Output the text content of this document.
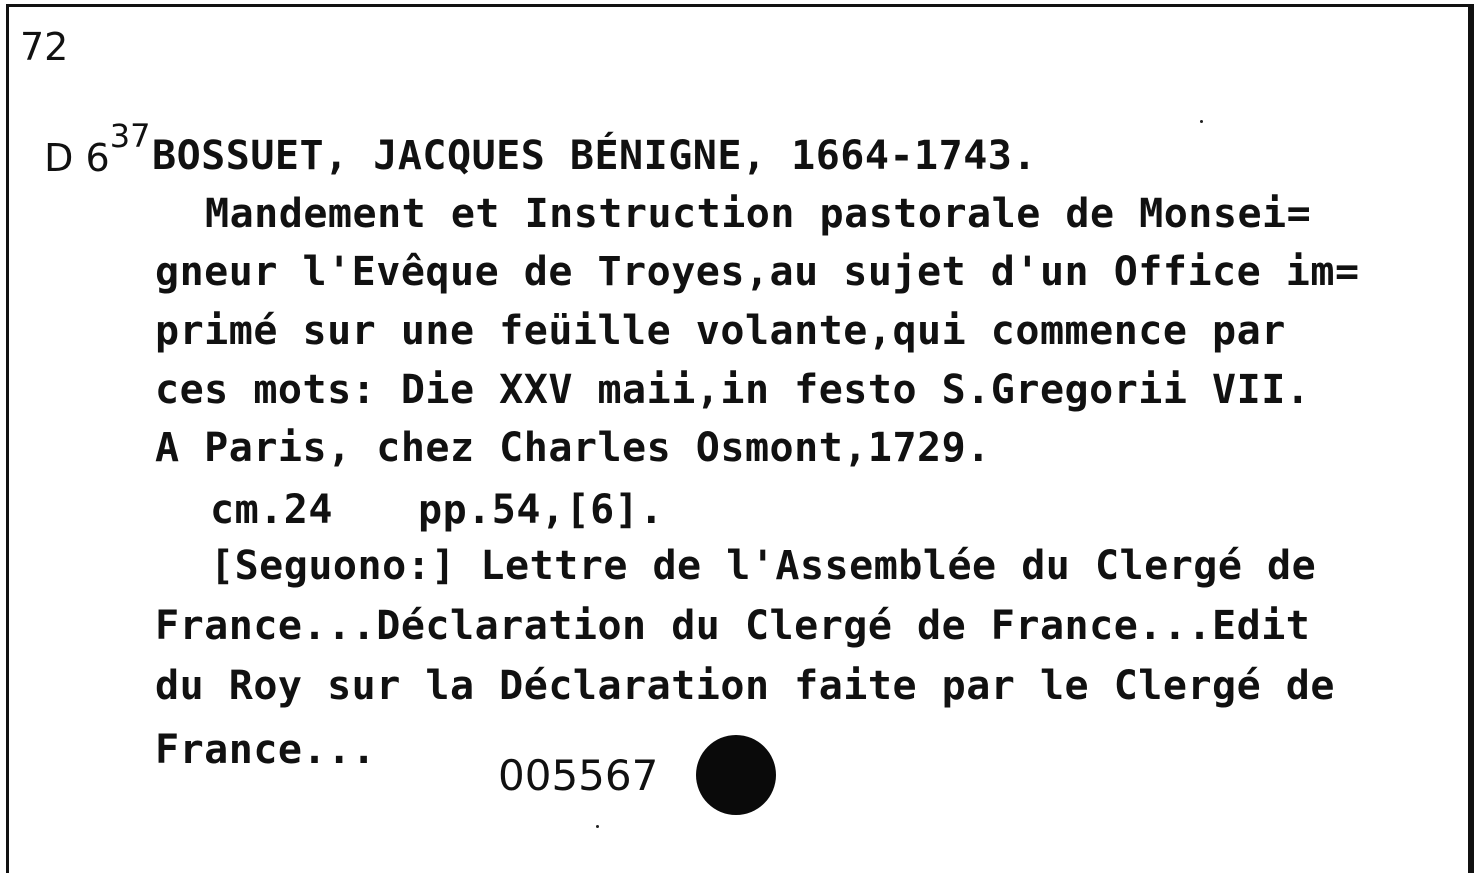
72

D $6^{37}$ BOSSUET, JACQUES BÉNIGNE, 1664-1743.
Mandement et Instruction pastorale de Monsei=
gneur l'Evêque de Troyes,au sujet d'un Office im=
primé sur une feüille volante,qui commence par
ces mots: Die XXV maii,in festo S.Gregorii VII.
A Paris, chez Charles Osmont,1729.
cm.24 pp.54,[6].
[Seguono:] Lettre de l'Assemblée du Clergé de
France...Déclaration du Clergé de France...Edit
du Roy sur la Déclaration faite par le Clergé de
France...
005567
